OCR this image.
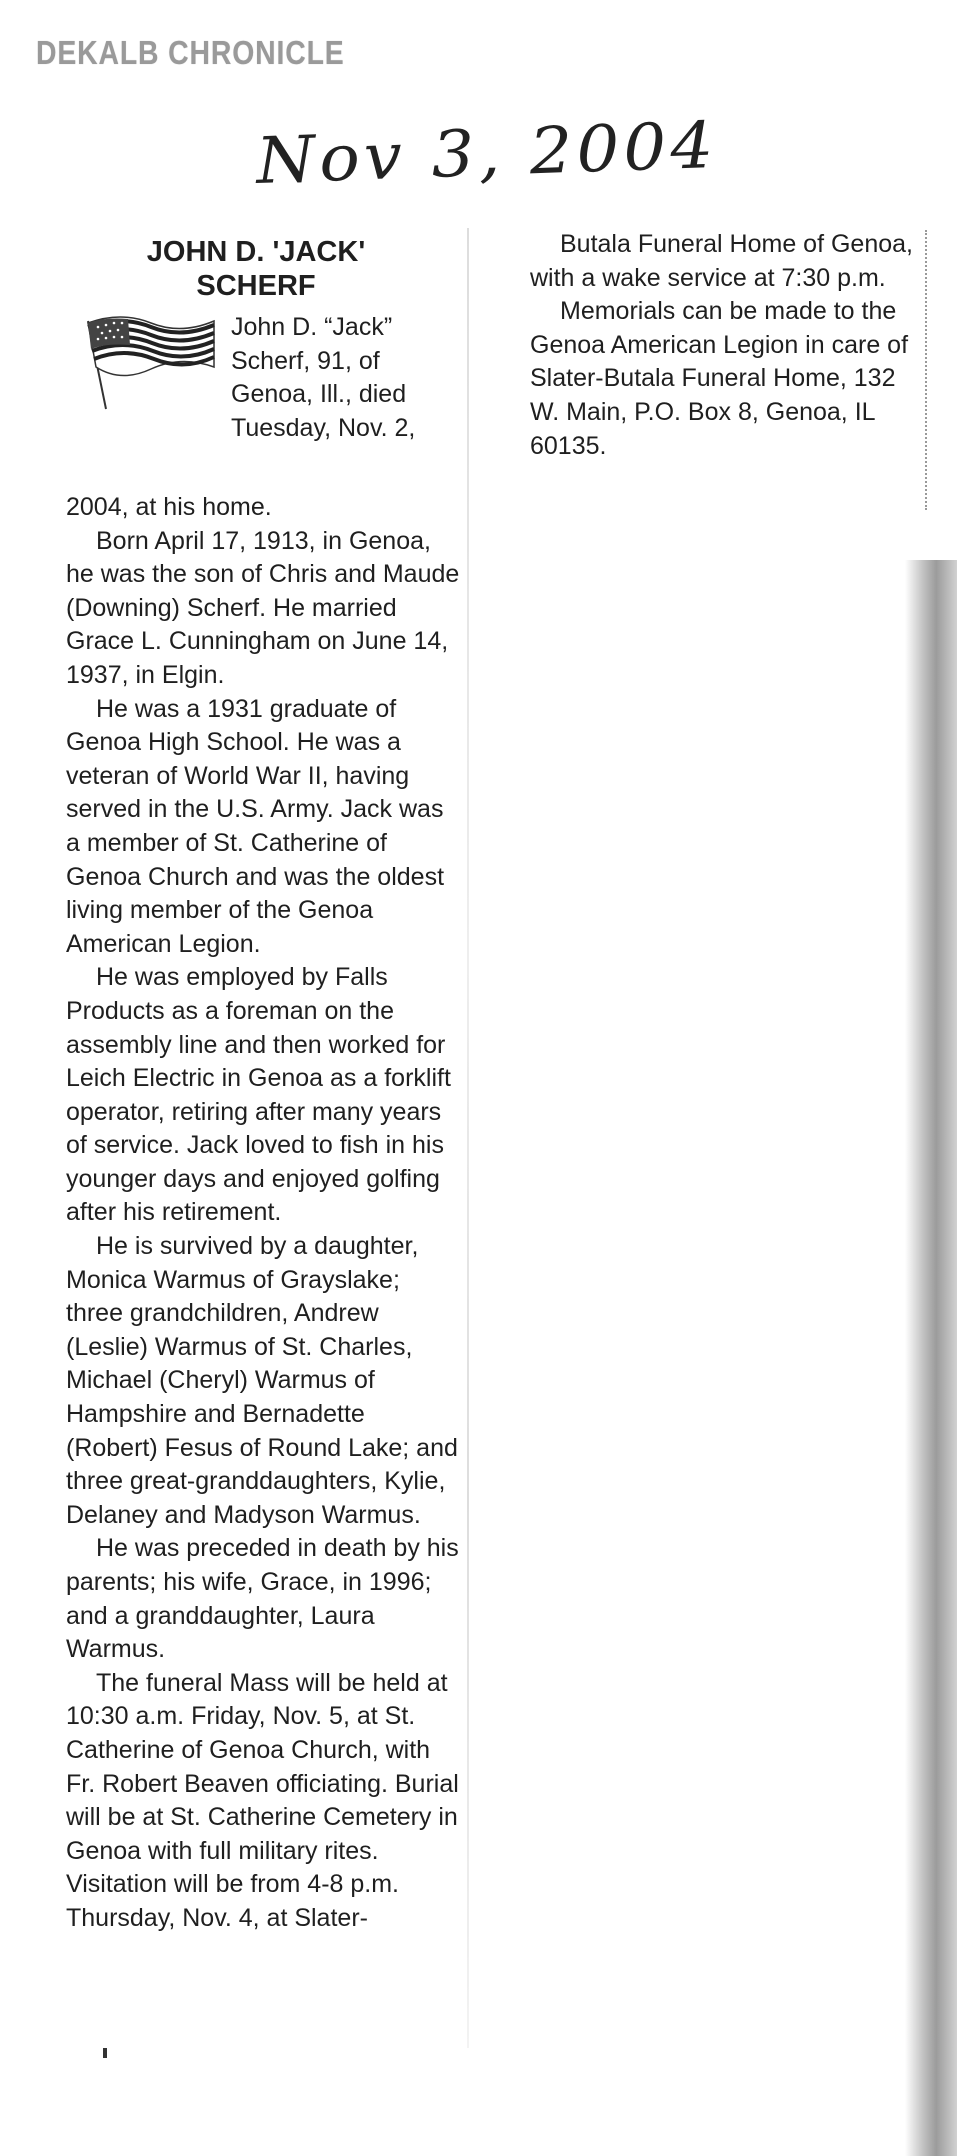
DEKALB CHRONICLE
Nov 3, 2004
JOHN D. 'JACK'
SCHERF

John D. “Jack”

Scherf, 91, of

Genoa, Ill., died

Tuesday, Nov. 2,

2004, at his home.

Born April 17, 1913, in Genoa, he was the son of Chris and Maude (Downing) Scherf. He married Grace L. Cunningham on June 14, 1937, in Elgin.

He was a 1931 graduate of Genoa High School. He was a veteran of World War II, having served in the U.S. Army. Jack was a member of St. Catherine of Genoa Church and was the oldest living member of the Genoa American Legion.

He was employed by Falls Products as a foreman on the assembly line and then worked for Leich Electric in Genoa as a forklift operator, retiring after many years of service. Jack loved to fish in his younger days and enjoyed golfing after his retirement.

He is survived by a daughter, Monica Warmus of Grayslake; three grandchildren, Andrew (Leslie) Warmus of St. Charles, Michael (Cheryl) Warmus of Hampshire and Bernadette (Robert) Fesus of Round Lake; and three great-granddaughters, Kylie, Delaney and Madyson Warmus.

He was preceded in death by his parents; his wife, Grace, in 1996; and a granddaughter, Laura Warmus.

The funeral Mass will be held at 10:30 a.m. Friday, Nov. 5, at St. Catherine of Genoa Church, with Fr. Robert Beaven officiating. Burial will be at St. Catherine Cemetery in Genoa with full military rites. Visitation will be from 4-8 p.m. Thursday, Nov. 4, at Slater-

Butala Funeral Home of Genoa, with a wake service at 7:30 p.m.

Memorials can be made to the Genoa American Legion in care of Slater-Butala Funeral Home, 132 W. Main, P.O. Box 8, Genoa, IL 60135.
